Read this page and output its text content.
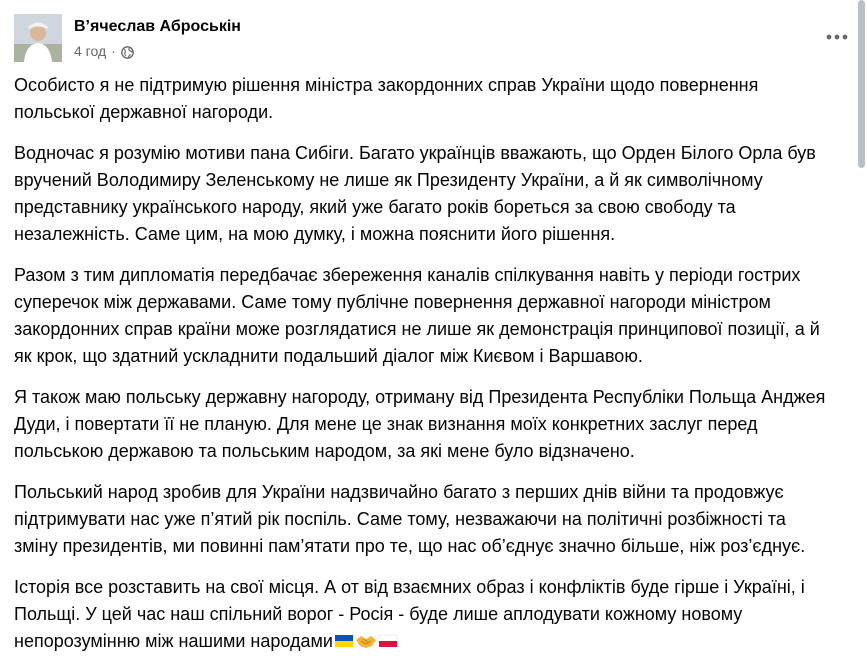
В’ячеслав Аброськін
4 год ·

Особисто я не підтримую рішення міністра закордонних справ України щодо повернення польської державної нагороди.

Водночас я розумію мотиви пана Сибіги. Багато українців вважають, що Орден Білого Орла був вручений Володимиру Зеленському не лише як Президенту України, а й як символічному представнику українського народу, який уже багато років бореться за свою свободу та незалежність. Саме цим, на мою думку, і можна пояснити його рішення.

Разом з тим дипломатія передбачає збереження каналів спілкування навіть у періоди гострих суперечок між державами. Саме тому публічне повернення державної нагороди міністром закордонних справ країни може розглядатися не лише як демонстрація принципової позиції, а й як крок, що здатний ускладнити подальший діалог між Києвом і Варшавою.

Я також маю польську державну нагороду, отриману від Президента Республіки Польща Анджея Дуди, і повертати її не планую. Для мене це знак визнання моїх конкретних заслуг перед польською державою та польським народом, за які мене було відзначено.

Польський народ зробив для України надзвичайно багато з перших днів війни та продовжує підтримувати нас уже п’ятий рік поспіль. Саме тому, незважаючи на політичні розбіжності та зміну президентів, ми повинні пам’ятати про те, що нас об’єднує значно більше, ніж роз’єднує.

Історія все розставить на свої місця. А от від взаємних образ і конфліктів буде гірше і Україні, і Польщі. У цей час наш спільний ворог - Росія - буде лише аплодувати кожному новому непорозумінню між нашими народами
